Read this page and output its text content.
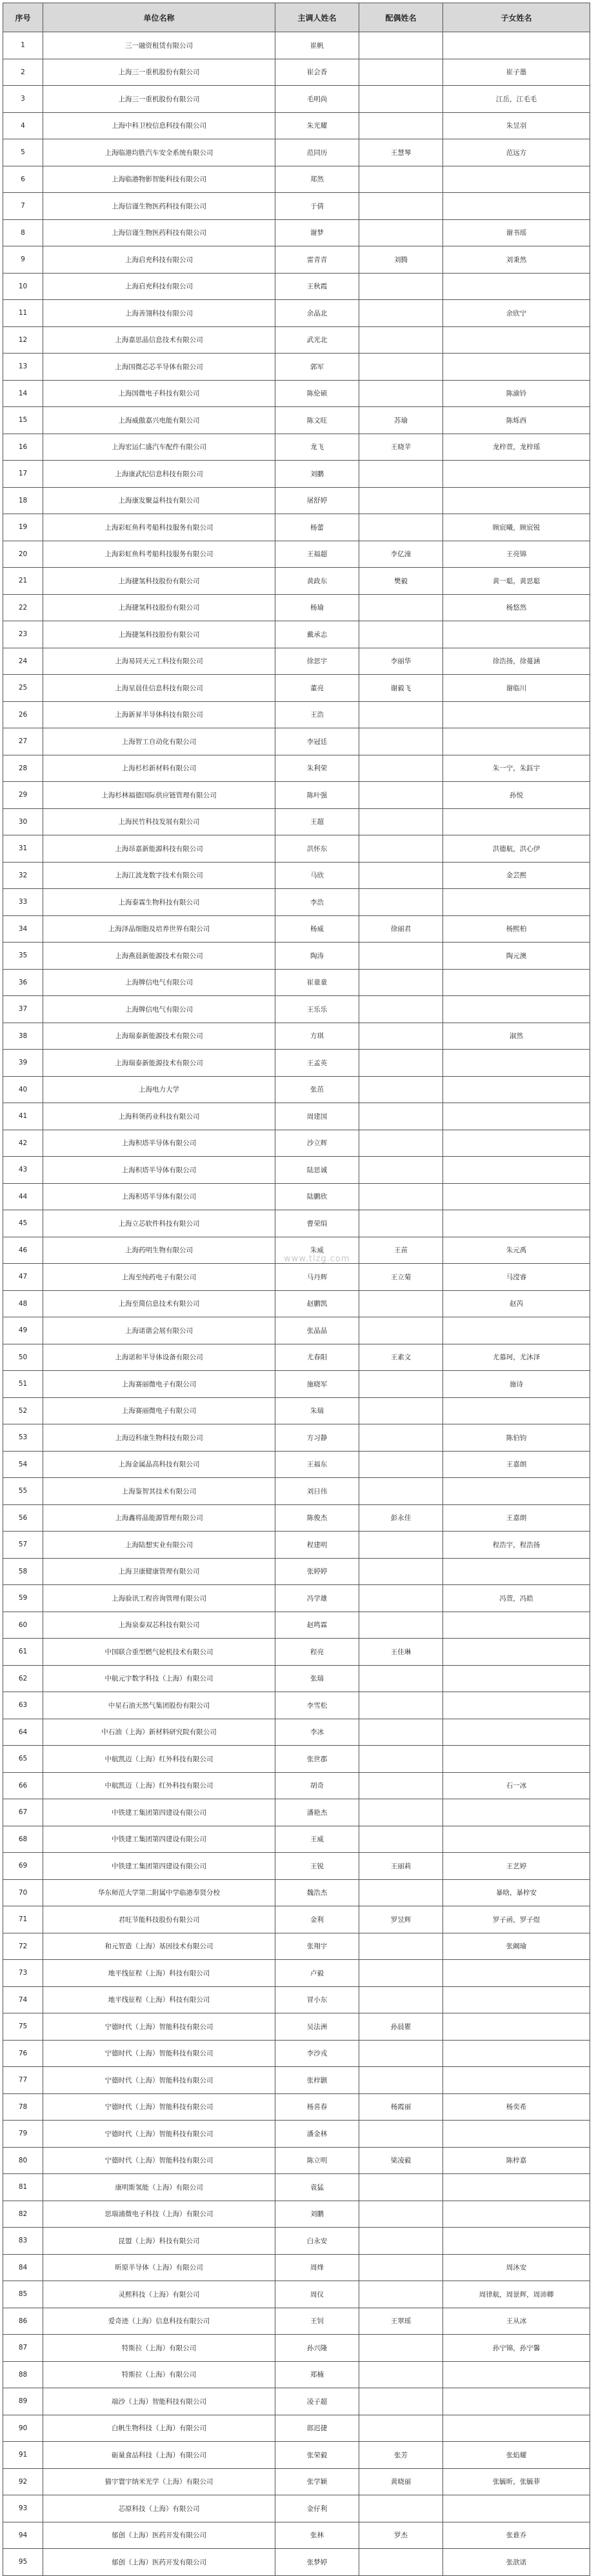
序号	单位名称	主调人姓名	配偶姓名	子女姓名
1	三一融资租赁有限公司	崔帆		
2	上海三一重机股份有限公司	崔会香		崔子墨
3	上海三一重机股份有限公司	毛明尚		江岳，江毛毛
4	上海中科卫校信息科技有限公司	朱光耀		朱昱羽
5	上海临港均胜汽车安全系统有限公司	范同历	王慧琴	范远方
6	上海临港物影智能科技有限公司	郑然		
7	上海信谨生物医药科技有限公司	于倩		
8	上海信谨生物医药科技有限公司	谢梦		谢书瑶
9	上海启充科技有限公司	雷青青	刘腾	刘秉然
10	上海启充科技有限公司	王秋霞		
11	上海善翎科技有限公司	余晶北		余欣宁
12	上海嘉思晶信息技术有限公司	武光北		
13	上海国微芯芯半导体有限公司	郭军		
14	上海国微电子科技有限公司	陈伦硕		陈渝钤
15	上海威傲嘉兴电能有限公司	陈文旺	苏瑜	陈烁西
16	上海宏运仁盛汽车配件有限公司	龙飞	王晓苹	龙梓萱，龙梓瑶
17	上海康武纪信息科技有限公司	刘鹏		
18	上海康发聚益科技有限公司	屠舒婷		
19	上海彩虹鱼科考船科技服务有限公司	杨蕾		顾宸曦，顾宸锐
20	上海彩虹鱼科考船科技服务有限公司	王福超	李亿潼	王亮锦
21	上海捷氢科技股份有限公司	黄政东	樊毅	黄一聪，黄思聪
22	上海捷氢科技股份有限公司	杨瑜		杨悠然
23	上海捷氢科技股份有限公司	戴承志		
24	上海易同天元工科技有限公司	徐思宇	李丽华	徐浩扬，徐蔓涵
25	上海星晨佳信息科技有限公司	董亮	谢毅飞	谢临川
26	上海新昇半导体科技有限公司	王浩		
27	上海智工自动化有限公司	李冠廷		
28	上海杉杉新材料有限公司	朱利荣		朱一宁，朱鈺宇
29	上海杉林福德国际供应链管理有限公司	陈叶强		孙悦
30	上海民竹科技发展有限公司	王超		
31	上海昂嘉新能源科技有限公司	洪怀东		洪德航，洪心伊
32	上海江波龙数字技术有限公司	马欣		金芸熙
33	上海泰霖生物科技有限公司	李浩		
34	上海泽晶细胞及培养世界有限公司	杨威	徐丽君	杨熙柏
35	上海燕晨新能源技术有限公司	陶涛		陶元澳
36	上海牌信电气有限公司	崔童童		
37	上海牌信电气有限公司	王乐乐		
38	上海瑞泰新能源技术有限公司	方琪		淑然
39	上海瑞泰新能源技术有限公司	王孟英		
40	上海电力大学	张茁		
41	上海科领药业科技有限公司	周建国		
42	上海积塔半导体有限公司	沙立辉		
43	上海积塔半导体有限公司	陆思诚		
44	上海积塔半导体有限公司	陆鹏欣		
45	上海立芯软件科技有限公司	曹荣绢		
46	上海药明生物有限公司	朱威	王苗	朱元禹
47	上海至纯药电子有限公司	马丹辉	王立菊	马滢睿
48	上海至简信息技术有限公司	赵鹏凯		赵芮
49	上海诺谐会展有限公司	张晶晶		
50	上海诺和半导体设备有限公司	尤春阳	王素文	尤慕珂，尤沐泽
51	上海赛丽微电子有限公司	施晓军		施诗
52	上海赛丽微电子有限公司	朱瑞		
53	上海迈科康生物科技有限公司	方习静		陈伯钧
54	上海金属晶高科技有限公司	王福东		王嘉朗
55	上海鉴智其技术有限公司	刘日伟		
56	上海鑫将晶能源管理有限公司	陈俊杰	彭永佳	王嘉朗
57	上海陆想实业有限公司	程建明		程浩宇，程浩扬
58	上海卫康健康管理有限公司	张婷婷		
59	上海验讯工程咨询管理有限公司	冯学雄		冯萱，冯皓
60	上海泉泰双芯科技有限公司	赵鸣霖		
61	中国联合重型燃气轮机技术有限公司	程亮	王佳琳	
62	中航元宇数字科技（上海）有限公司	张瑞		
63	中星石油天然气集团股份有限公司	李雪松		
64	中石油（上海）新材料研究院有限公司	李冰		
65	中航凯迈（上海）红外科技有限公司	张世郡		
66	中航凯迈（上海）红外科技有限公司	胡奇		石一冰
67	中铁建工集团第四建设有限公司	潘艳杰		
68	中铁建工集团第四建设有限公司	王威		
69	中铁建工集团第四建设有限公司	王锐	王丽莉	王艺婷
70	华东师范大学第二附属中学临港奉贤分校	魏浩杰		暴晗，暴梓安
71	君旺节能科技股份有限公司	金利	罗昱辉	罗子函，罗子煜
72	和元智造（上海）基因技术有限公司	张翔宇		张阚瑜
73	地平线征程（上海）科技有限公司	卢毅		
74	地平线征程（上海）科技有限公司	冒小东		
75	宁德时代（上海）智能科技有限公司	吴法洲	孙晨瞿	
76	宁德时代（上海）智能科技有限公司	李沙戎		
77	宁德时代（上海）智能科技有限公司	张梓颢		
78	宁德时代（上海）智能科技有限公司	杨喜春	杨霞丽	杨奕希
79	宁德时代（上海）智能科技有限公司	潘金林		
80	宁德时代（上海）智能科技有限公司	陈立明	梁凌毅	陈梓嘉
81	康明斯氢能（上海）有限公司	袁猛		
82	思瑞浦微电子科技（上海）有限公司	刘鹏		
83	昆盟（上海）科技有限公司	白永安		
84	昕原半导体（上海）有限公司	周烽		周沐安
85	灵熙科技（上海）有限公司	周仪		周律航，周景辉，周沛卿
86	爱奇迹（上海）信息科技有限公司	王钊	王翠瑶	王从冰
87	特斯拉（上海）有限公司	孙兴隆		孙宁锦，孙宁馨
88	特斯拉（上海）有限公司	郑楠		
89	端沙（上海）智能科技有限公司	凌子超		
90	白帆生物科技（上海）有限公司	郎迟捷		
91	砺量食品科技（上海）有限公司	张荣毅	张芳	张焰耀
92	猫宇寰宇纳米光学（上海）有限公司	张学颖	黄晓丽	张毓昕，张毓菲
93	芯原科技（上海）有限公司	金仔利		
94	郁创（上海）医药开发有限公司	张林	罗杰	张谁乔
95	郁创（上海）医药开发有限公司	张梦婷		张歆诺
www.tlzg.com
